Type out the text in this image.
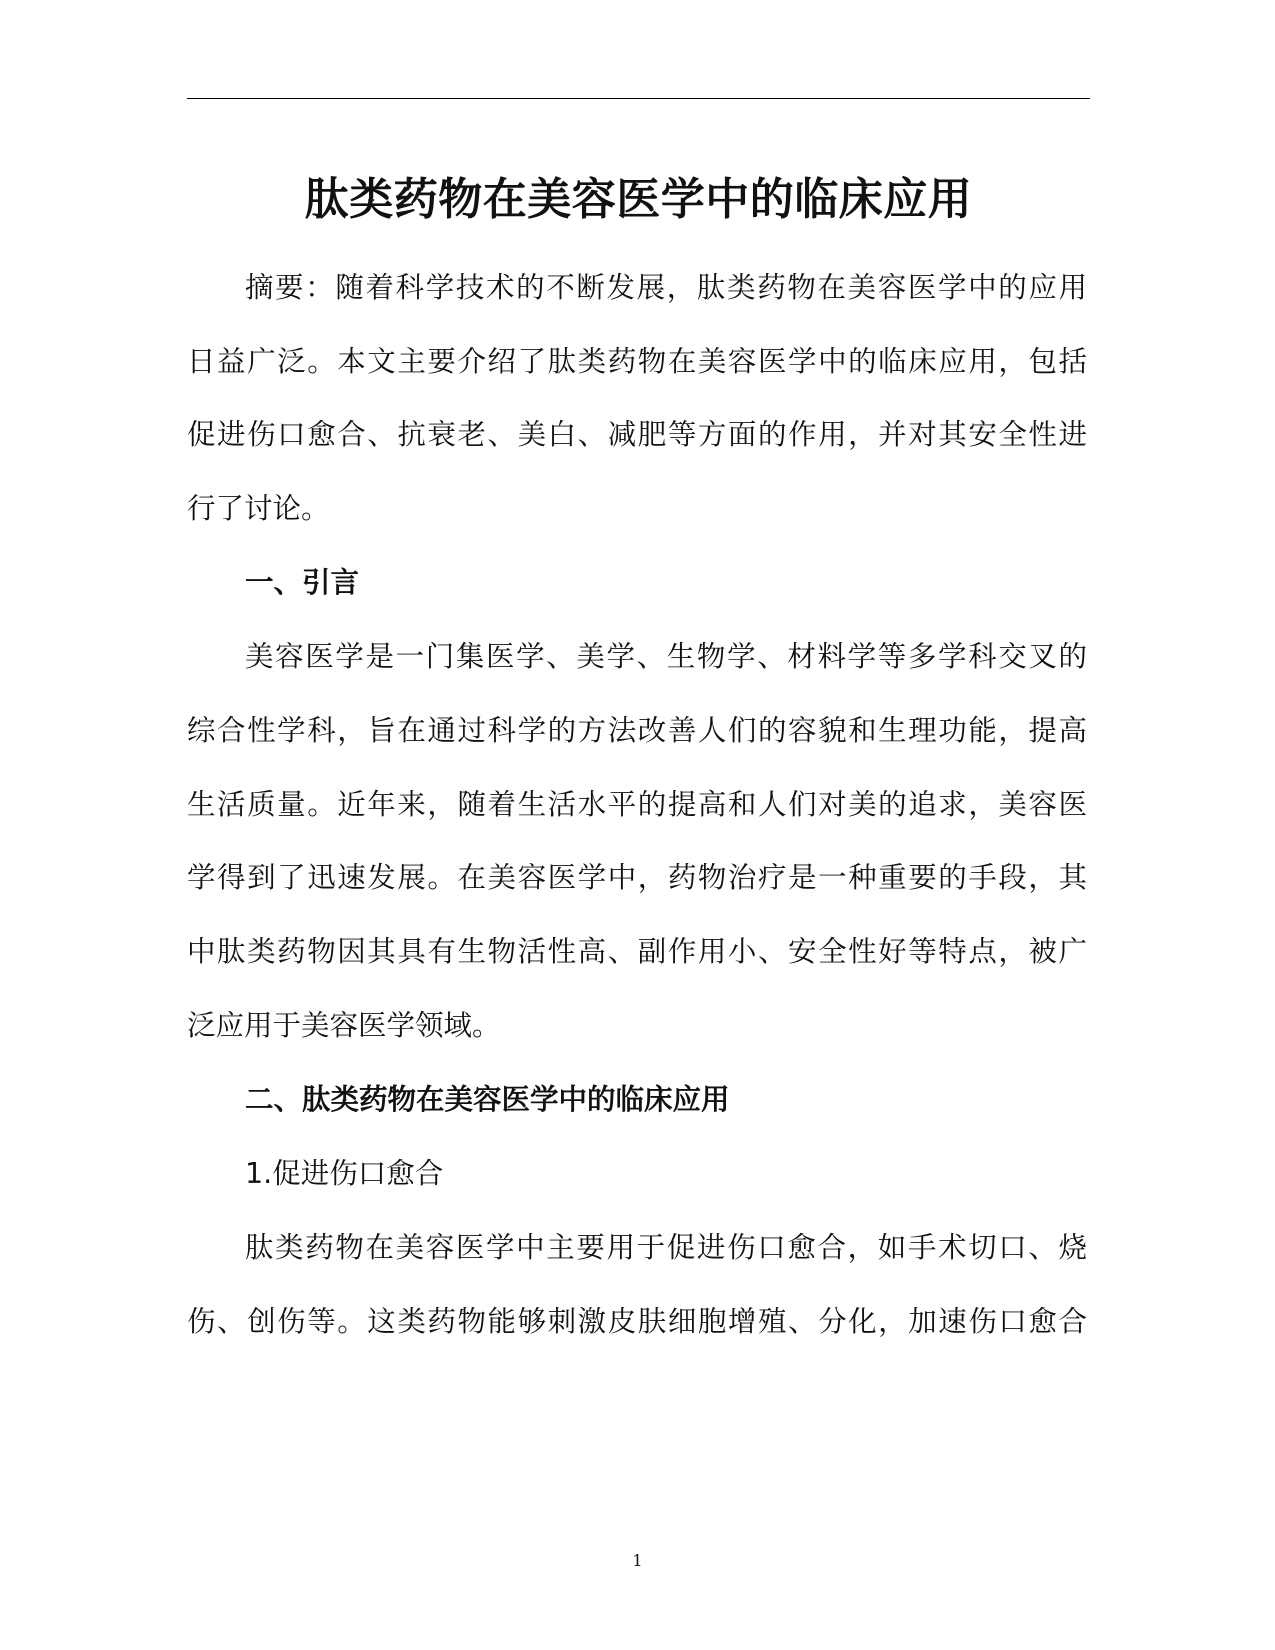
肽类药物在美容医学中的临床应用
摘要：随着科学技术的不断发展，肽类药物在美容医学中的应用
日益广泛。本文主要介绍了肽类药物在美容医学中的临床应用，包括
促进伤口愈合、抗衰老、美白、减肥等方面的作用，并对其安全性进
行了讨论。
一、引言
美容医学是一门集医学、美学、生物学、材料学等多学科交叉的
综合性学科，旨在通过科学的方法改善人们的容貌和生理功能，提高
生活质量。近年来，随着生活水平的提高和人们对美的追求，美容医
学得到了迅速发展。在美容医学中，药物治疗是一种重要的手段，其
中肽类药物因其具有生物活性高、副作用小、安全性好等特点，被广
泛应用于美容医学领域。
二、肽类药物在美容医学中的临床应用
1.促进伤口愈合
肽类药物在美容医学中主要用于促进伤口愈合，如手术切口、烧
伤、创伤等。这类药物能够刺激皮肤细胞增殖、分化，加速伤口愈合
1
